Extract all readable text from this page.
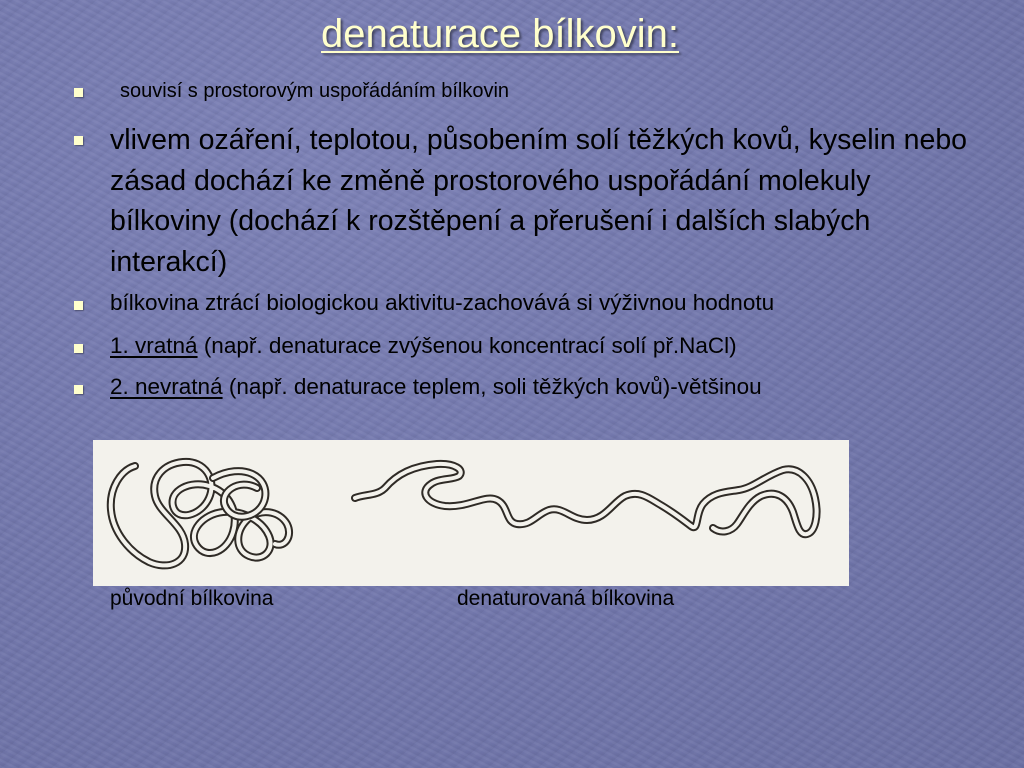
denaturace bílkovin:
souvisí s prostorovým uspořádáním bílkovin
vlivem ozáření, teplotou, působením solí těžkých kovů, kyselin nebo zásad dochází ke změně prostorového uspořádání molekuly bílkoviny (dochází k rozštěpení a přerušení i dalších slabých interakcí)
bílkovina ztrácí biologickou aktivitu-zachovává si výživnou hodnotu
1. vratná (např. denaturace zvýšenou koncentrací solí př.NaCl)
2. nevratná (např. denaturace teplem, soli těžkých kovů)-většinou
původní bílkovina	denaturovaná bílkovina
